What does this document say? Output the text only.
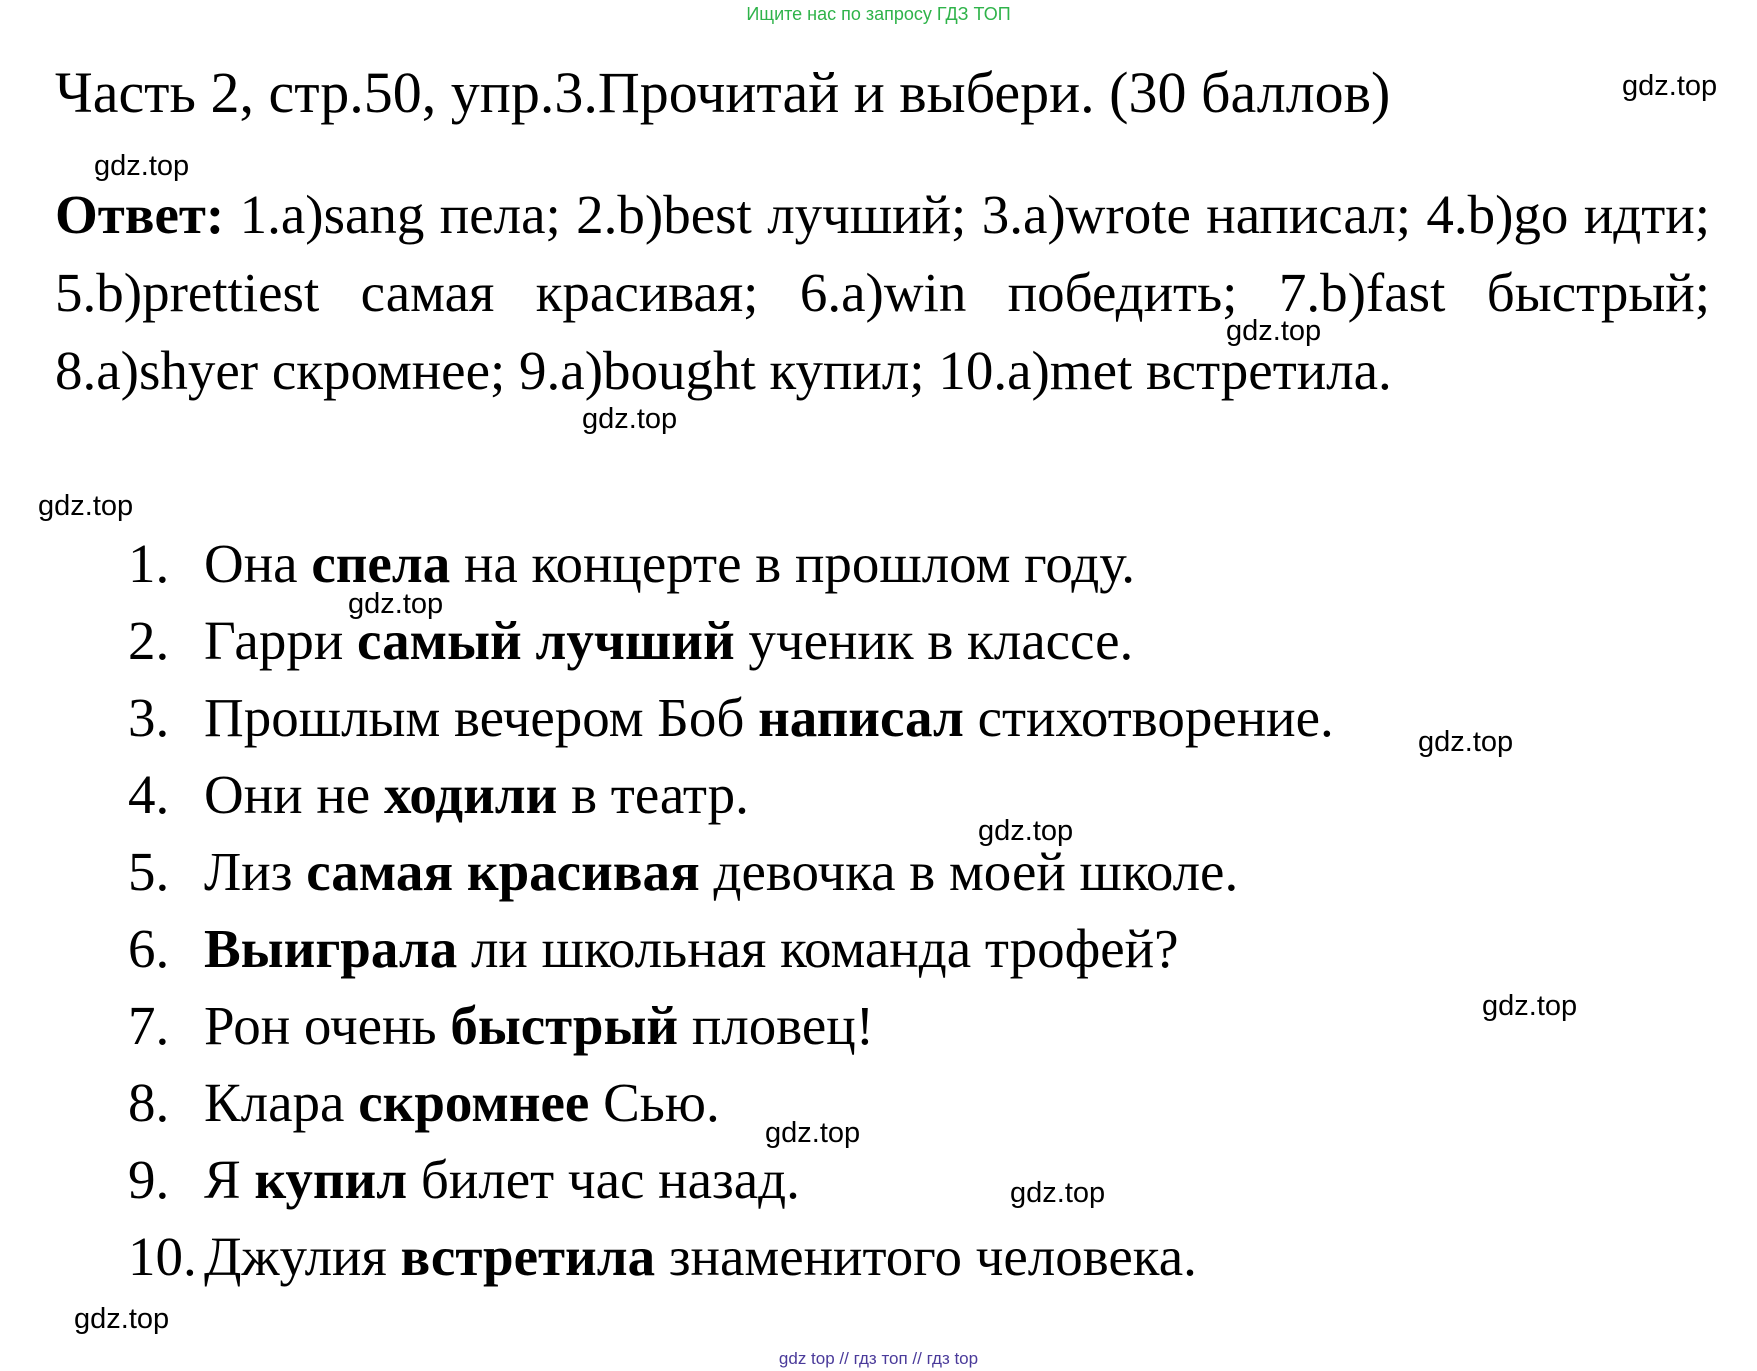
Ищите нас по запросу ГДЗ ТОП
Часть 2, стр.50, упр.3.Прочитай и выбери. (30 баллов)
Ответ: 1.a)sang пела; 2.b)best лучший; 3.a)wrote написал; 4.b)go идти; 5.b)prettiest самая красивая; 6.a)win победить; 7.b)fast быстрый; 8.a)shyer скромнее; 9.a)bought купил; 10.a)met встретила.
1. Она спела на концерте в прошлом году.
2. Гарри самый лучший ученик в классе.
3. Прошлым вечером Боб написал стихотворение.
4. Они не ходили в театр.
5. Лиз самая красивая девочка в моей школе.
6. Выиграла ли школьная команда трофей?
7. Рон очень быстрый пловец!
8. Клара скромнее Сью.
9. Я купил билет час назад.
10. Джулия встретила знаменитого человека.
gdz.top
gdz.top
gdz.top
gdz.top
gdz.top
gdz.top
gdz.top
gdz.top
gdz.top
gdz.top
gdz.top
gdz.top
gdz top // гдз топ // гдз top
